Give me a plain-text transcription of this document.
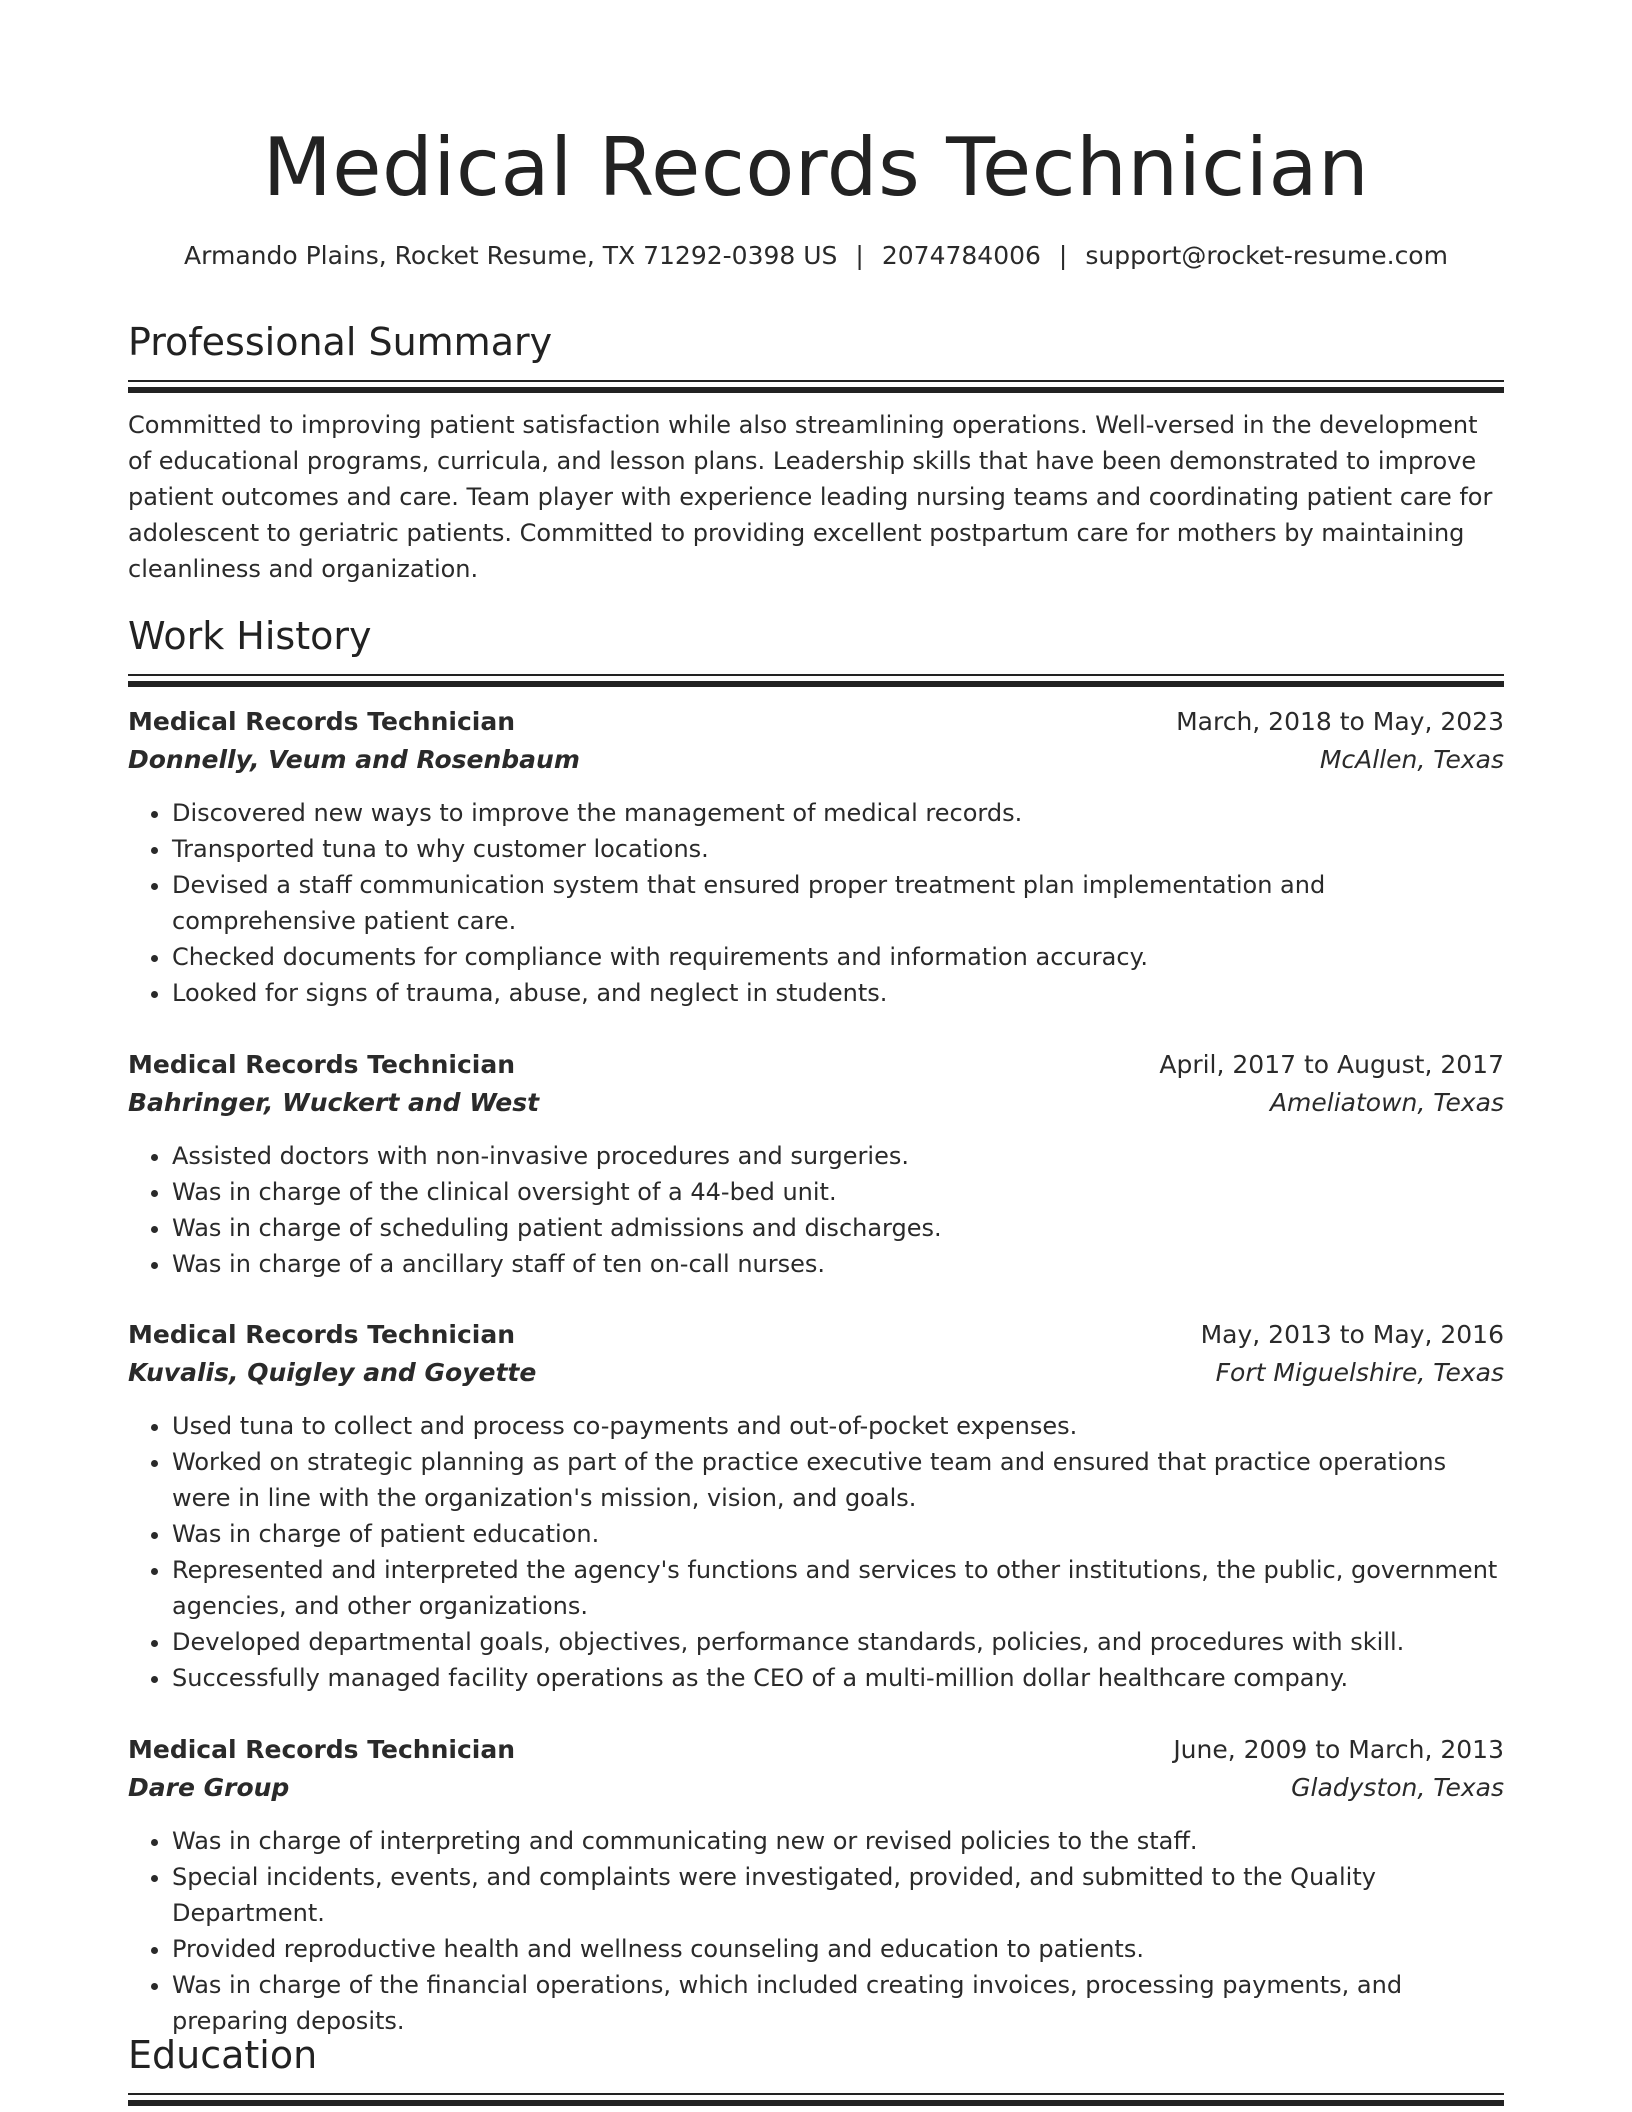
Medical Records Technician
Armando Plains, Rocket Resume, TX 71292-0398 US | 2074784006 | support@rocket-resume.com
Professional Summary
Committed to improving patient satisfaction while also streamlining operations. Well-versed in the development of educational programs, curricula, and lesson plans. Leadership skills that have been demonstrated to improve patient outcomes and care. Team player with experience leading nursing teams and coordinating patient care for adolescent to geriatric patients. Committed to providing excellent postpartum care for mothers by maintaining cleanliness and organization.
Work History
Medical Records Technician	March, 2018 to May, 2023
Donnelly, Veum and Rosenbaum	McAllen, Texas
• Discovered new ways to improve the management of medical records.
• Transported tuna to why customer locations.
• Devised a staff communication system that ensured proper treatment plan implementation and comprehensive patient care.
• Checked documents for compliance with requirements and information accuracy.
• Looked for signs of trauma, abuse, and neglect in students.
Medical Records Technician	April, 2017 to August, 2017
Bahringer, Wuckert and West	Ameliatown, Texas
• Assisted doctors with non-invasive procedures and surgeries.
• Was in charge of the clinical oversight of a 44-bed unit.
• Was in charge of scheduling patient admissions and discharges.
• Was in charge of a ancillary staff of ten on-call nurses.
Medical Records Technician	May, 2013 to May, 2016
Kuvalis, Quigley and Goyette	Fort Miguelshire, Texas
• Used tuna to collect and process co-payments and out-of-pocket expenses.
• Worked on strategic planning as part of the practice executive team and ensured that practice operations were in line with the organization's mission, vision, and goals.
• Was in charge of patient education.
• Represented and interpreted the agency's functions and services to other institutions, the public, government agencies, and other organizations.
• Developed departmental goals, objectives, performance standards, policies, and procedures with skill.
• Successfully managed facility operations as the CEO of a multi-million dollar healthcare company.
Medical Records Technician	June, 2009 to March, 2013
Dare Group	Gladyston, Texas
• Was in charge of interpreting and communicating new or revised policies to the staff.
• Special incidents, events, and complaints were investigated, provided, and submitted to the Quality Department.
• Provided reproductive health and wellness counseling and education to patients.
• Was in charge of the financial operations, which included creating invoices, processing payments, and preparing deposits.
Education
